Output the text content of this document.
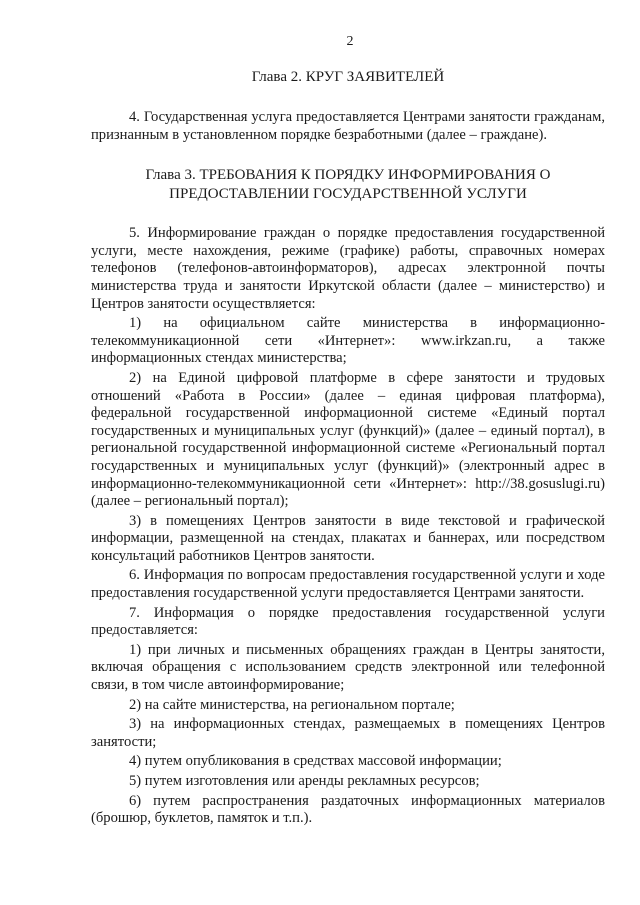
2
Глава 2. КРУГ ЗАЯВИТЕЛЕЙ

4. Государственная услуга предоставляется Центрами занятости гражданам, признанным в установленном порядке безработными (далее – граждане).

Глава 3. ТРЕБОВАНИЯ К ПОРЯДКУ ИНФОРМИРОВАНИЯ О ПРЕДОСТАВЛЕНИИ ГОСУДАРСТВЕННОЙ УСЛУГИ

5. Информирование граждан о порядке предоставления государственной услуги, месте нахождения, режиме (графике) работы, справочных номерах телефонов (телефонов-автоинформаторов), адресах электронной почты министерства труда и занятости Иркутской области (далее – министерство) и Центров занятости осуществляется:

1) на официальном сайте министерства в информационно-телекоммуникационной сети «Интернет»: www.irkzan.ru, а также информационных стендах министерства;

2) на Единой цифровой платформе в сфере занятости и трудовых отношений «Работа в России» (далее – единая цифровая платформа), федеральной государственной информационной системе «Единый портал государственных и муниципальных услуг (функций)» (далее – единый портал), в региональной государственной информационной системе «Региональный портал государственных и муниципальных услуг (функций)» (электронный адрес в информационно-телекоммуникационной сети «Интернет»: http://38.gosuslugi.ru) (далее – региональный портал);

3) в помещениях Центров занятости в виде текстовой и графической информации, размещенной на стендах, плакатах и баннерах, или посредством консультаций работников Центров занятости.

6. Информация по вопросам предоставления государственной услуги и ходе предоставления государственной услуги предоставляется Центрами занятости.

7. Информация о порядке предоставления государственной услуги предоставляется:

1) при личных и письменных обращениях граждан в Центры занятости, включая обращения с использованием средств электронной или телефонной связи, в том числе автоинформирование;

2) на сайте министерства, на региональном портале;

3) на информационных стендах, размещаемых в помещениях Центров занятости;

4) путем опубликования в средствах массовой информации;

5) путем изготовления или аренды рекламных ресурсов;

6) путем распространения раздаточных информационных материалов (брошюр, буклетов, памяток и т.п.).
